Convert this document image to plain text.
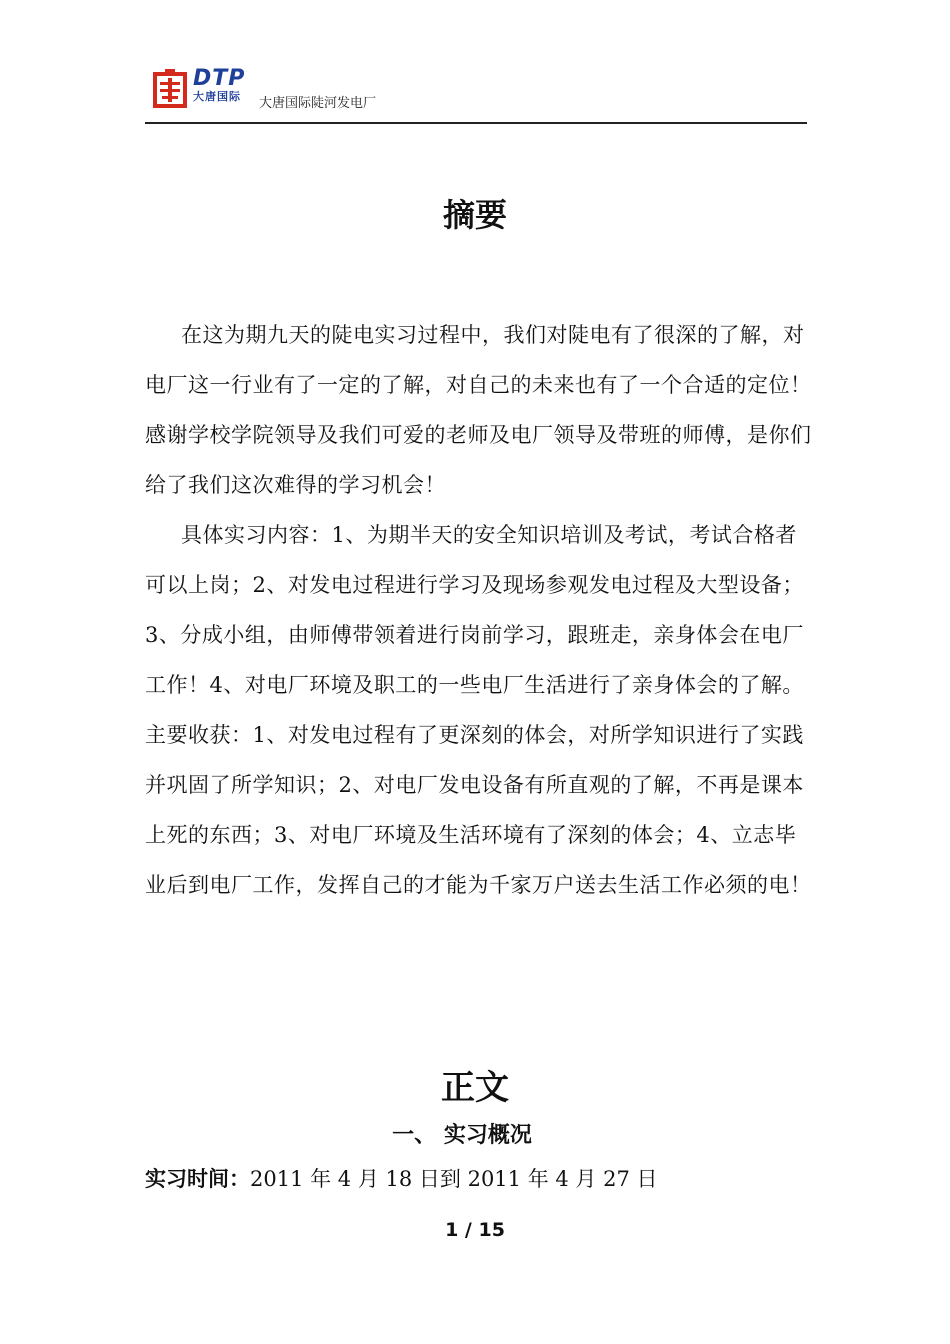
DTP
大唐国际 大唐国际陡河发电厂
摘要

在这为期九天的陡电实习过程中，我们对陡电有了很深的了解，对电厂这一行业有了一定的了解，对自己的未来也有了一个合适的定位！感谢学校学院领导及我们可爱的老师及电厂领导及带班的师傅，是你们给了我们这次难得的学习机会！

具体实习内容：1、为期半天的安全知识培训及考试，考试合格者可以上岗；2、对发电过程进行学习及现场参观发电过程及大型设备；3、分成小组，由师傅带领着进行岗前学习，跟班走，亲身体会在电厂工作！4、对电厂环境及职工的一些电厂生活进行了亲身体会的了解。主要收获：1、对发电过程有了更深刻的体会，对所学知识进行了实践并巩固了所学知识；2、对电厂发电设备有所直观的了解，不再是课本上死的东西；3、对电厂环境及生活环境有了深刻的体会；4、立志毕业后到电厂工作，发挥自己的才能为千家万户送去生活工作必须的电！

正文
一、 实习概况
实习时间：2011 年 4 月 18 日到 2011 年 4 月 27 日
1 / 15
